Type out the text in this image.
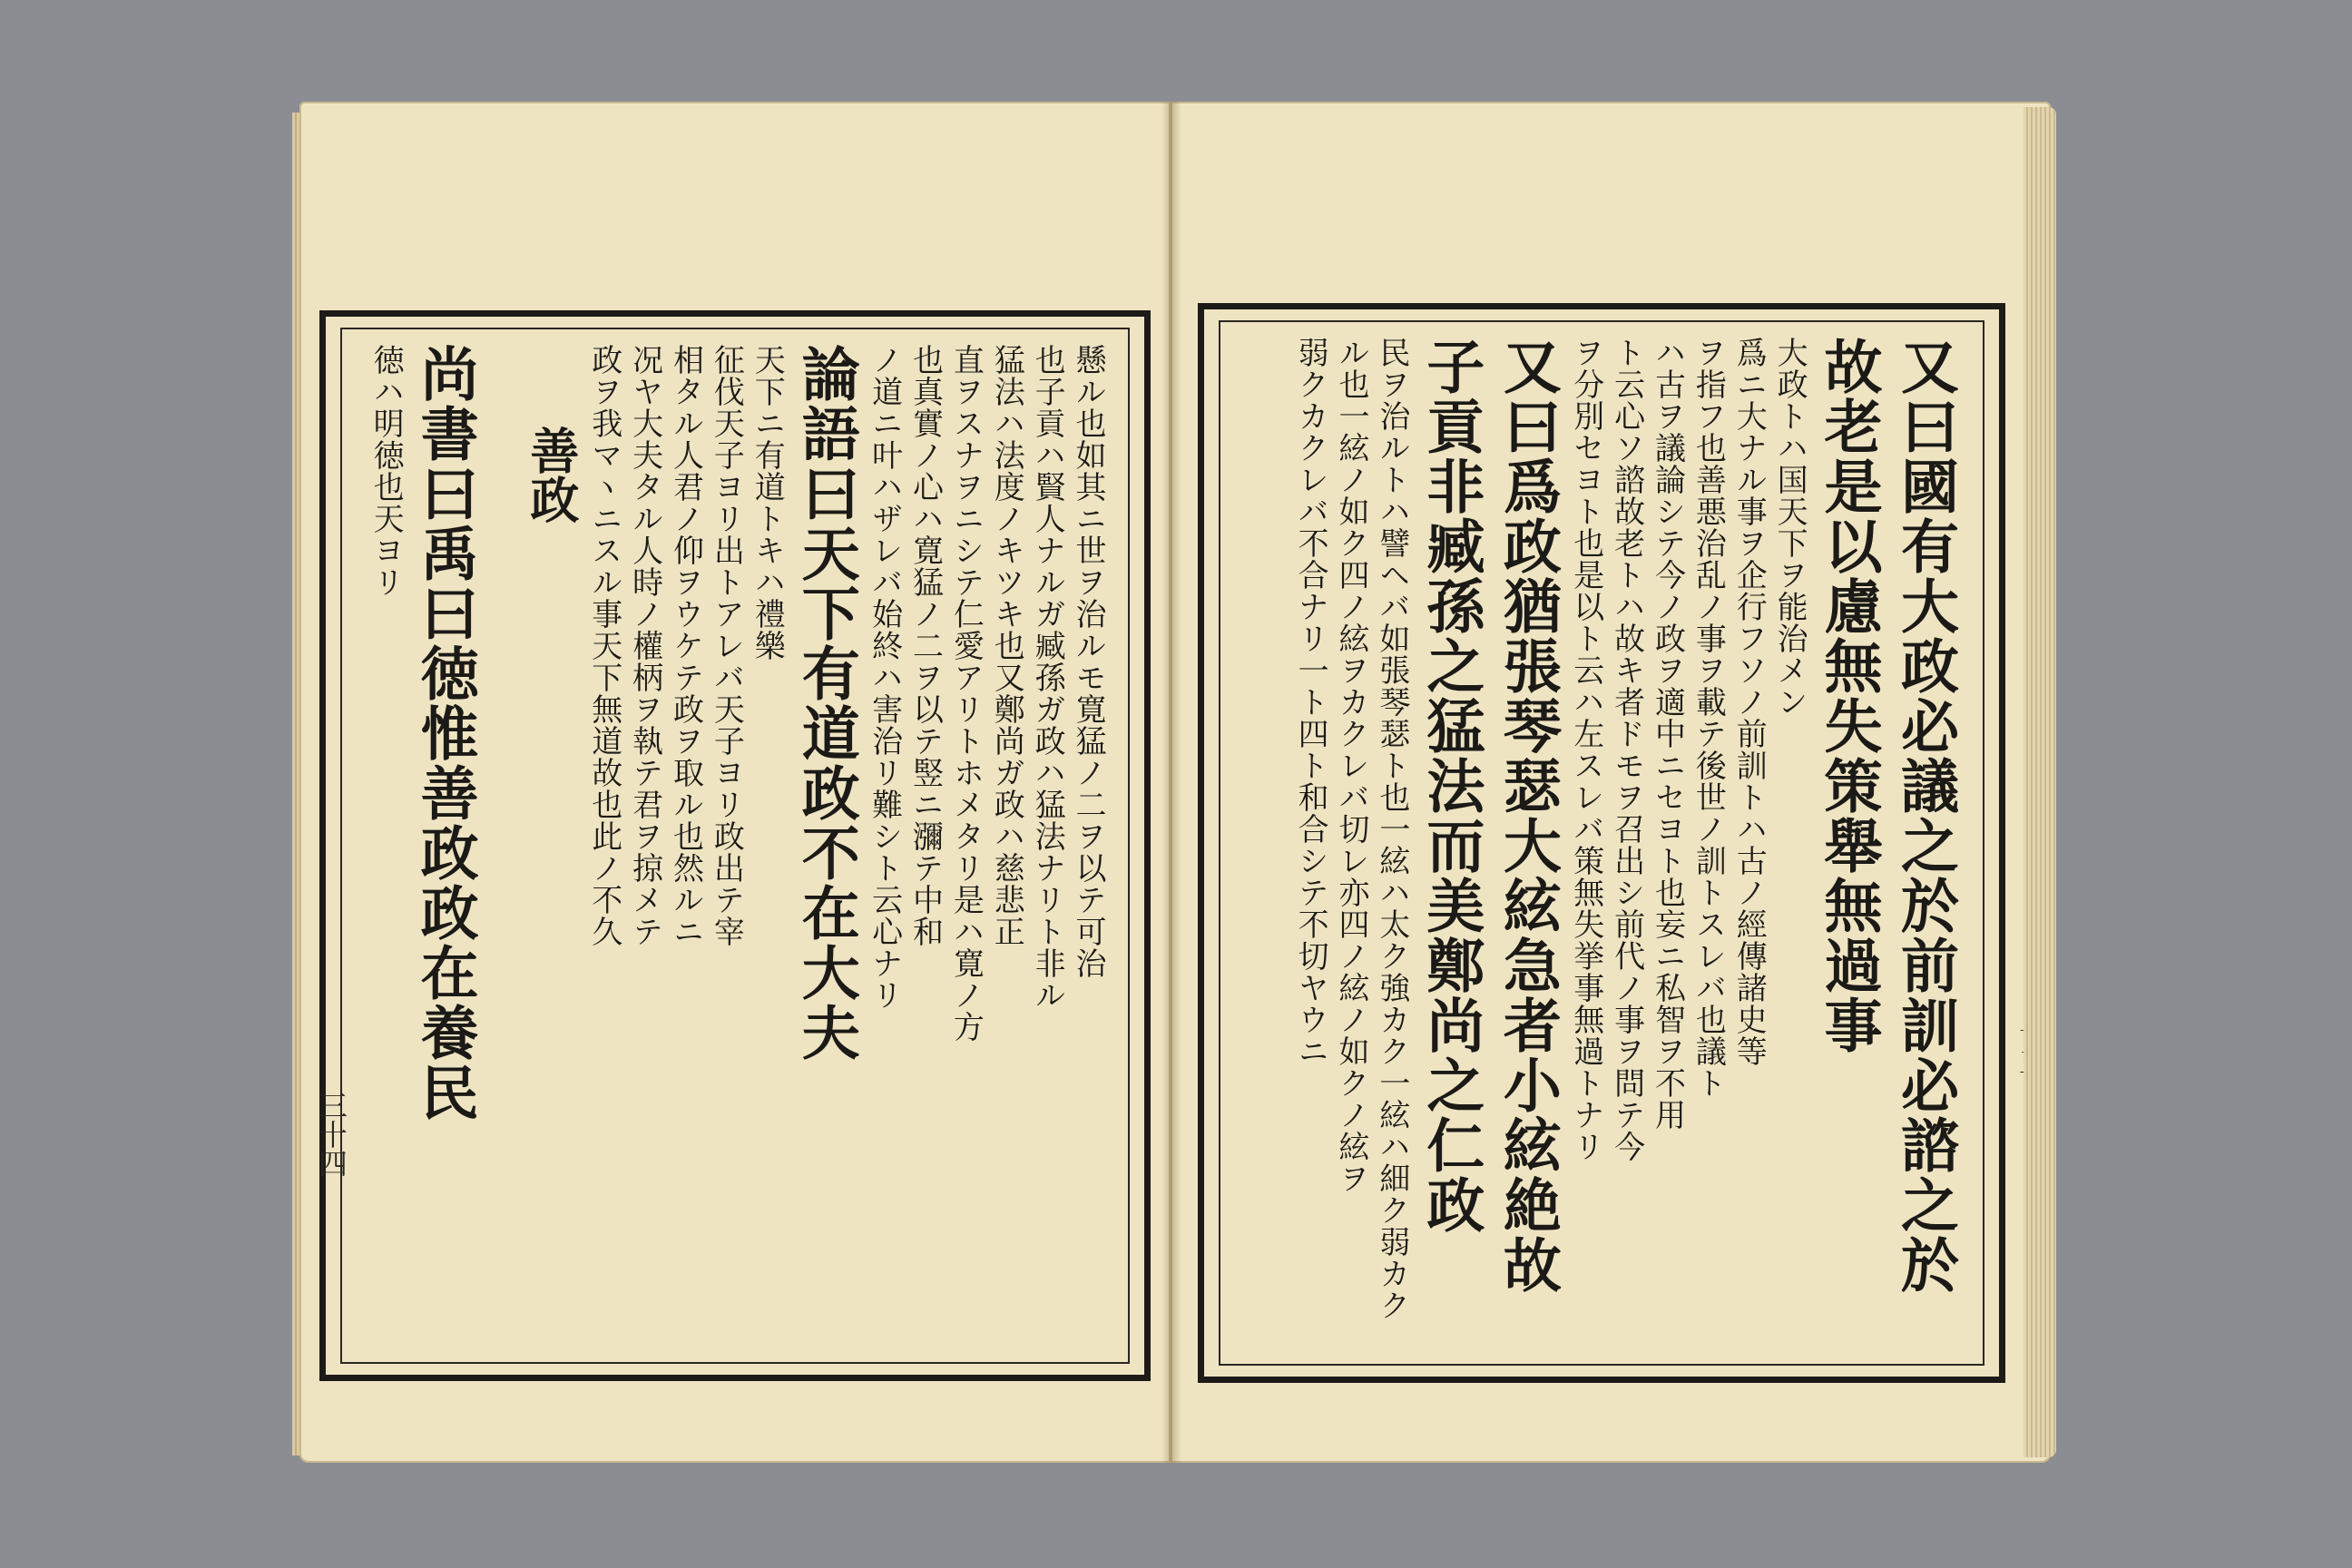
懸ル也如其ニ世ヲ治ルモ寛猛ノ二ヲ以テ可治
也子貢ハ賢人ナルガ臧孫ガ政ハ猛法ナリト非ル
猛法ハ法度ノキツキ也又鄭尚ガ政ハ慈悲正
直ヲスナヲニシテ仁愛アリトホメタリ是ハ寛ノ方
也真實ノ心ハ寛猛ノ二ヲ以テ竪ニ瀰テ中和
ノ道ニ叶ハザレバ始終ハ害治リ難シト云心ナリ
論語曰天下有道政不在大夫
天下ニ有道トキハ禮樂
征伐天子ヨリ出トアレバ天子ヨリ政出テ宰
相タル人君ノ仰ヲウケテ政ヲ取ル也然ルニ
况ヤ大夫タル人時ノ權柄ヲ執テ君ヲ掠メテ
政ヲ我マヽニスル事天下無道故也此ノ不久
善政
尚書曰禹曰徳惟善政政在養民
徳ハ明徳也天ヨリ
三十四	又曰國有大政必議之於前訓必諮之於
故老是以慮無失策舉無過事
大政トハ国天下ヲ能治メン
爲ニ大ナル事ヲ企行フソノ前訓トハ古ノ經傳諸史等
ヲ指フ也善悪治乱ノ事ヲ載テ後世ノ訓トスレバ也議ト
ハ古ヲ議論シテ今ノ政ヲ適中ニセヨト也妄ニ私智ヲ不用
ト云心ソ諮故老トハ故キ者ドモヲ召出シ前代ノ事ヲ問テ今
ヲ分別セヨト也是以ト云ハ左スレバ策無失挙事無過トナリ
又曰爲政猶張琴瑟大絃急者小絃絶故
子貢非臧孫之猛法而美鄭尚之仁政
民ヲ治ルトハ譬ヘバ如張琴瑟ト也一絃ハ太ク強カク一絃ハ細ク弱カク
ル也一絃ノ如ク四ノ絃ヲカクレバ切レ亦四ノ絃ノ如クノ絃ヲ
弱クカクレバ不合ナリ一ト四ト和合シテ不切ヤウニ
